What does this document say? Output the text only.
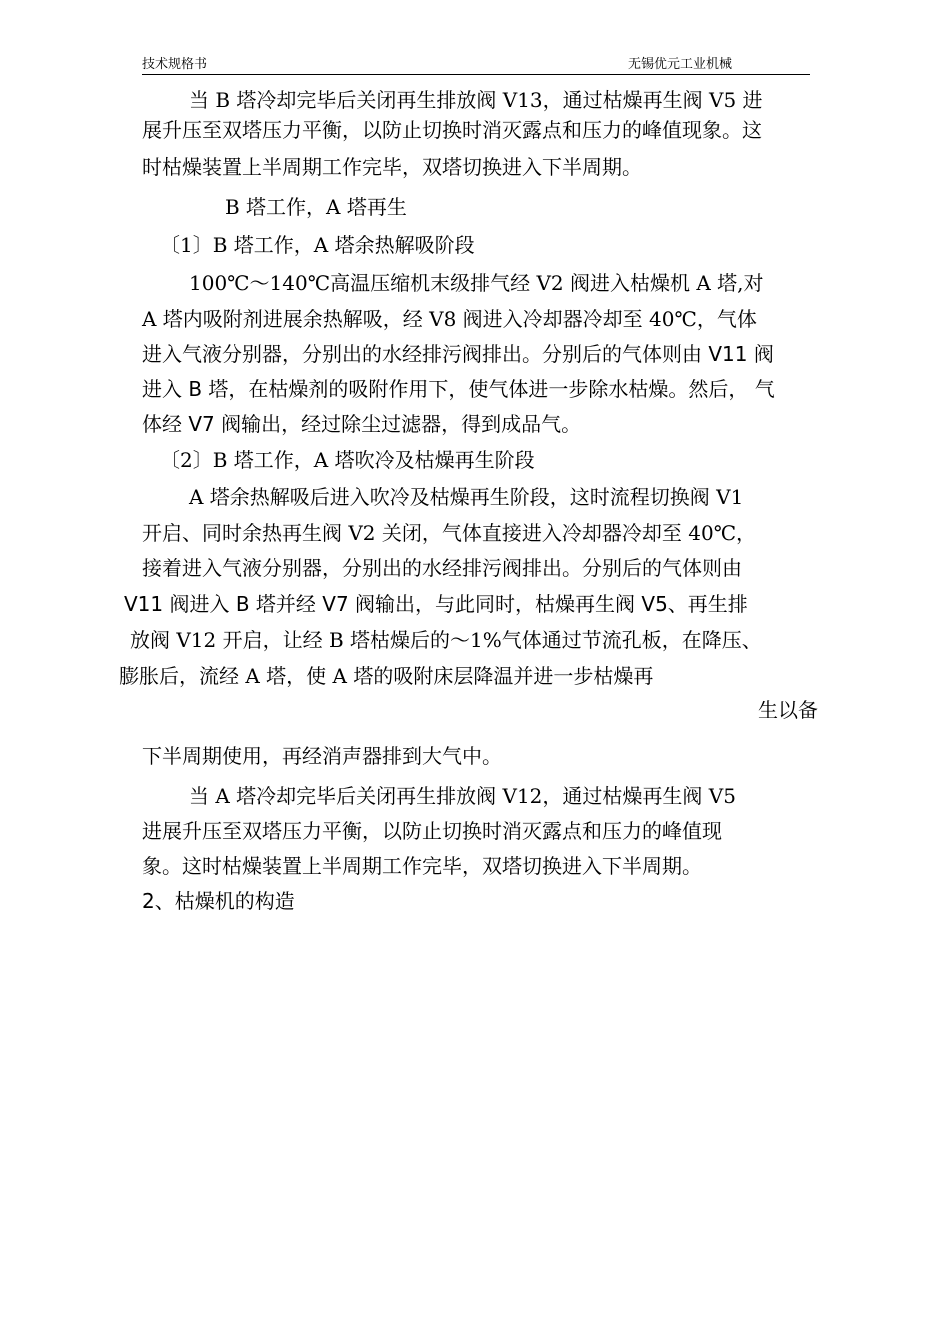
技术规格书	无锡优元工业机械
当 B 塔冷却完毕后关闭再生排放阀 V13，通过枯燥再生阀 V5 进
展升压至双塔压力平衡，以防止切换时消灭露点和压力的峰值现象。这
时枯燥装置上半周期工作完毕，双塔切换进入下半周期。
B 塔工作，A 塔再生
〔1〕B 塔工作，A 塔余热解吸阶段
100℃～140℃高温压缩机末级排气经 V2 阀进入枯燥机 A 塔,对
A 塔内吸附剂进展余热解吸，经 V8 阀进入冷却器冷却至 40℃，气体
进入气液分别器，分别出的水经排污阀排出。分别后的气体则由 V11 阀
进入 B 塔，在枯燥剂的吸附作用下，使气体进一步除水枯燥。然后， 气
体经 V7 阀输出，经过除尘过滤器，得到成品气。
〔2〕B 塔工作，A 塔吹冷及枯燥再生阶段
A 塔余热解吸后进入吹冷及枯燥再生阶段，这时流程切换阀 V1
开启、同时余热再生阀 V2 关闭，气体直接进入冷却器冷却至 40℃，
接着进入气液分别器，分别出的水经排污阀排出。分别后的气体则由
V11 阀进入 B 塔并经 V7 阀输出，与此同时，枯燥再生阀 V5、再生排
放阀 V12 开启，让经 B 塔枯燥后的～1%气体通过节流孔板，在降压、
膨胀后，流经 A 塔，使 A 塔的吸附床层降温并进一步枯燥再
生以备
下半周期使用，再经消声器排到大气中。
当 A 塔冷却完毕后关闭再生排放阀 V12，通过枯燥再生阀 V5
进展升压至双塔压力平衡，以防止切换时消灭露点和压力的峰值现
象。这时枯燥装置上半周期工作完毕，双塔切换进入下半周期。
2、枯燥机的构造
